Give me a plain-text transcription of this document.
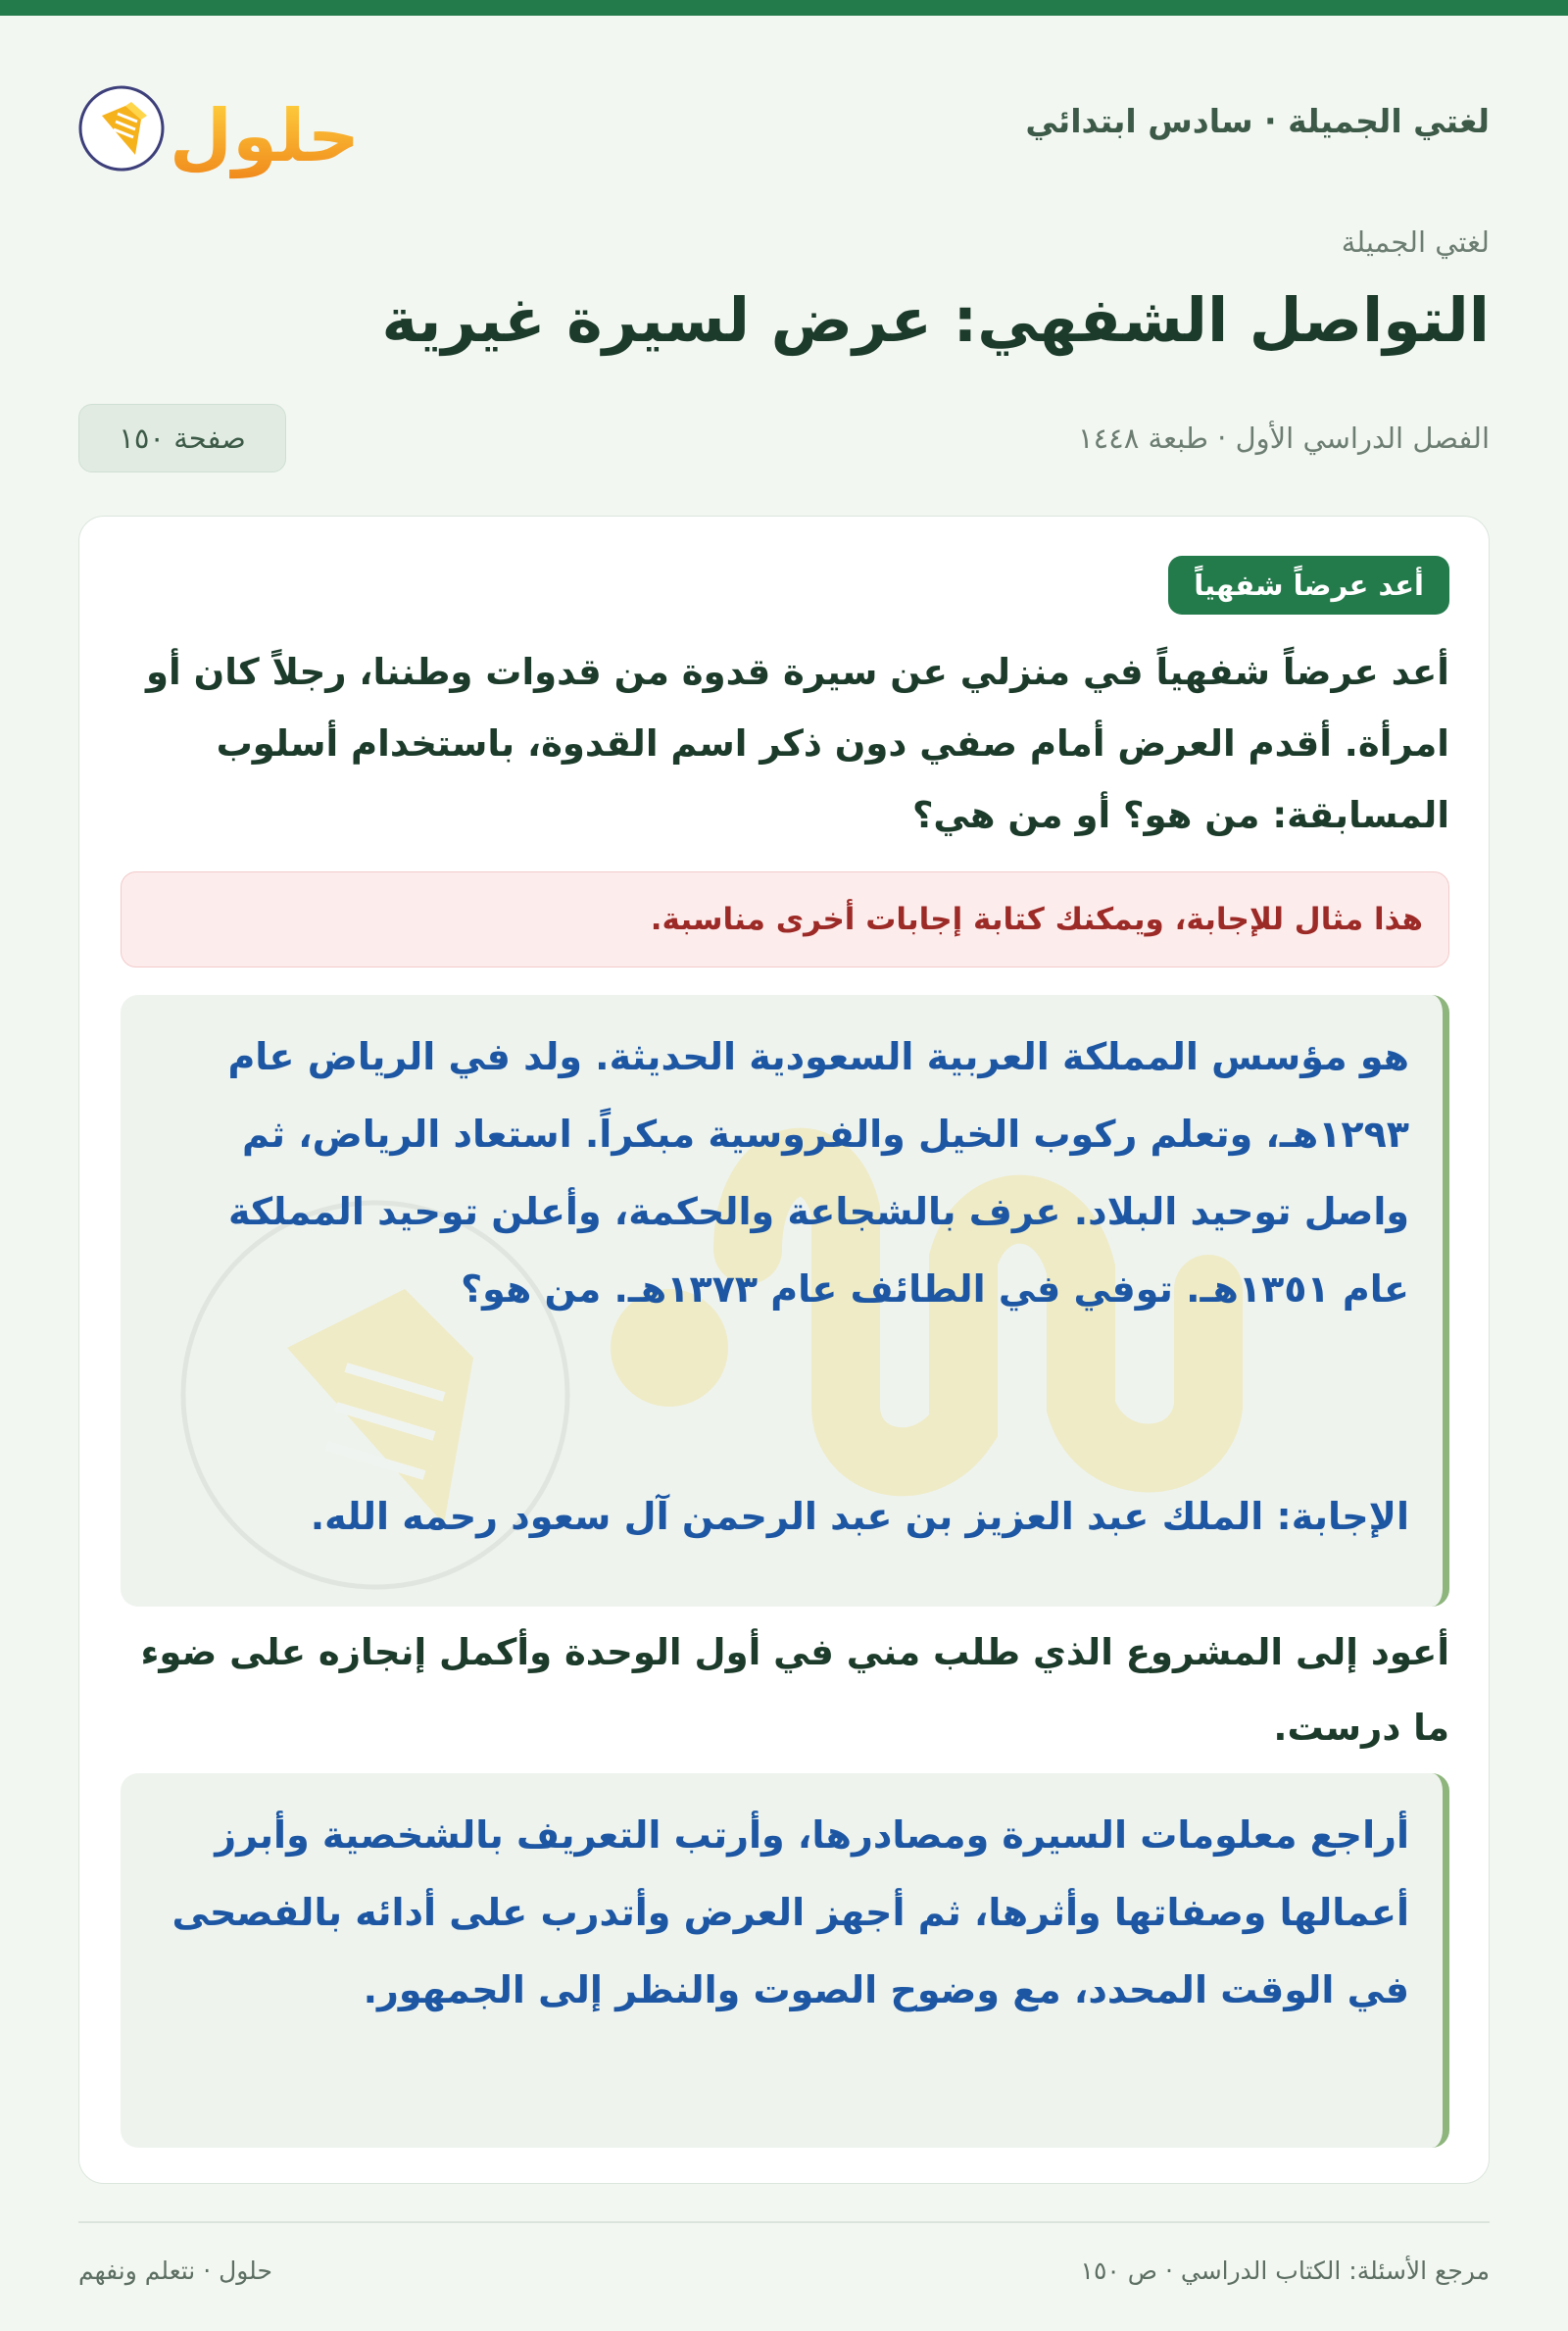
لغتي الجميلة · سادس ابتدائي
حلول
لغتي الجميلة
التواصل الشفهي: عرض لسيرة غيرية
الفصل الدراسي الأول · طبعة ١٤٤٨
صفحة ١٥٠
أعد عرضاً شفهياً

أعد عرضاً شفهياً في منزلي عن سيرة قدوة من قدوات وطننا، رجلاً كان أو امرأة. أقدم العرض أمام صفي دون ذكر اسم القدوة، باستخدام أسلوب المسابقة: من هو؟ أو من هي؟

هذا مثال للإجابة، ويمكنك كتابة إجابات أخرى مناسبة.

هو مؤسس المملكة العربية السعودية الحديثة. ولد في الرياض عام ١٢٩٣هـ، وتعلم ركوب الخيل والفروسية مبكراً. استعاد الرياض، ثم واصل توحيد البلاد. عرف بالشجاعة والحكمة، وأعلن توحيد المملكة عام ١٣٥١هـ. توفي في الطائف عام ١٣٧٣هـ. من هو؟

الإجابة: الملك عبد العزيز بن عبد الرحمن آل سعود رحمه الله.

أعود إلى المشروع الذي طلب مني في أول الوحدة وأكمل إنجازه على ضوء ما درست.

أراجع معلومات السيرة ومصادرها، وأرتب التعريف بالشخصية وأبرز أعمالها وصفاتها وأثرها، ثم أجهز العرض وأتدرب على أدائه بالفصحى في الوقت المحدد، مع وضوح الصوت والنظر إلى الجمهور.

مرجع الأسئلة: الكتاب الدراسي · ص ١٥٠
حلول · نتعلم ونفهم
